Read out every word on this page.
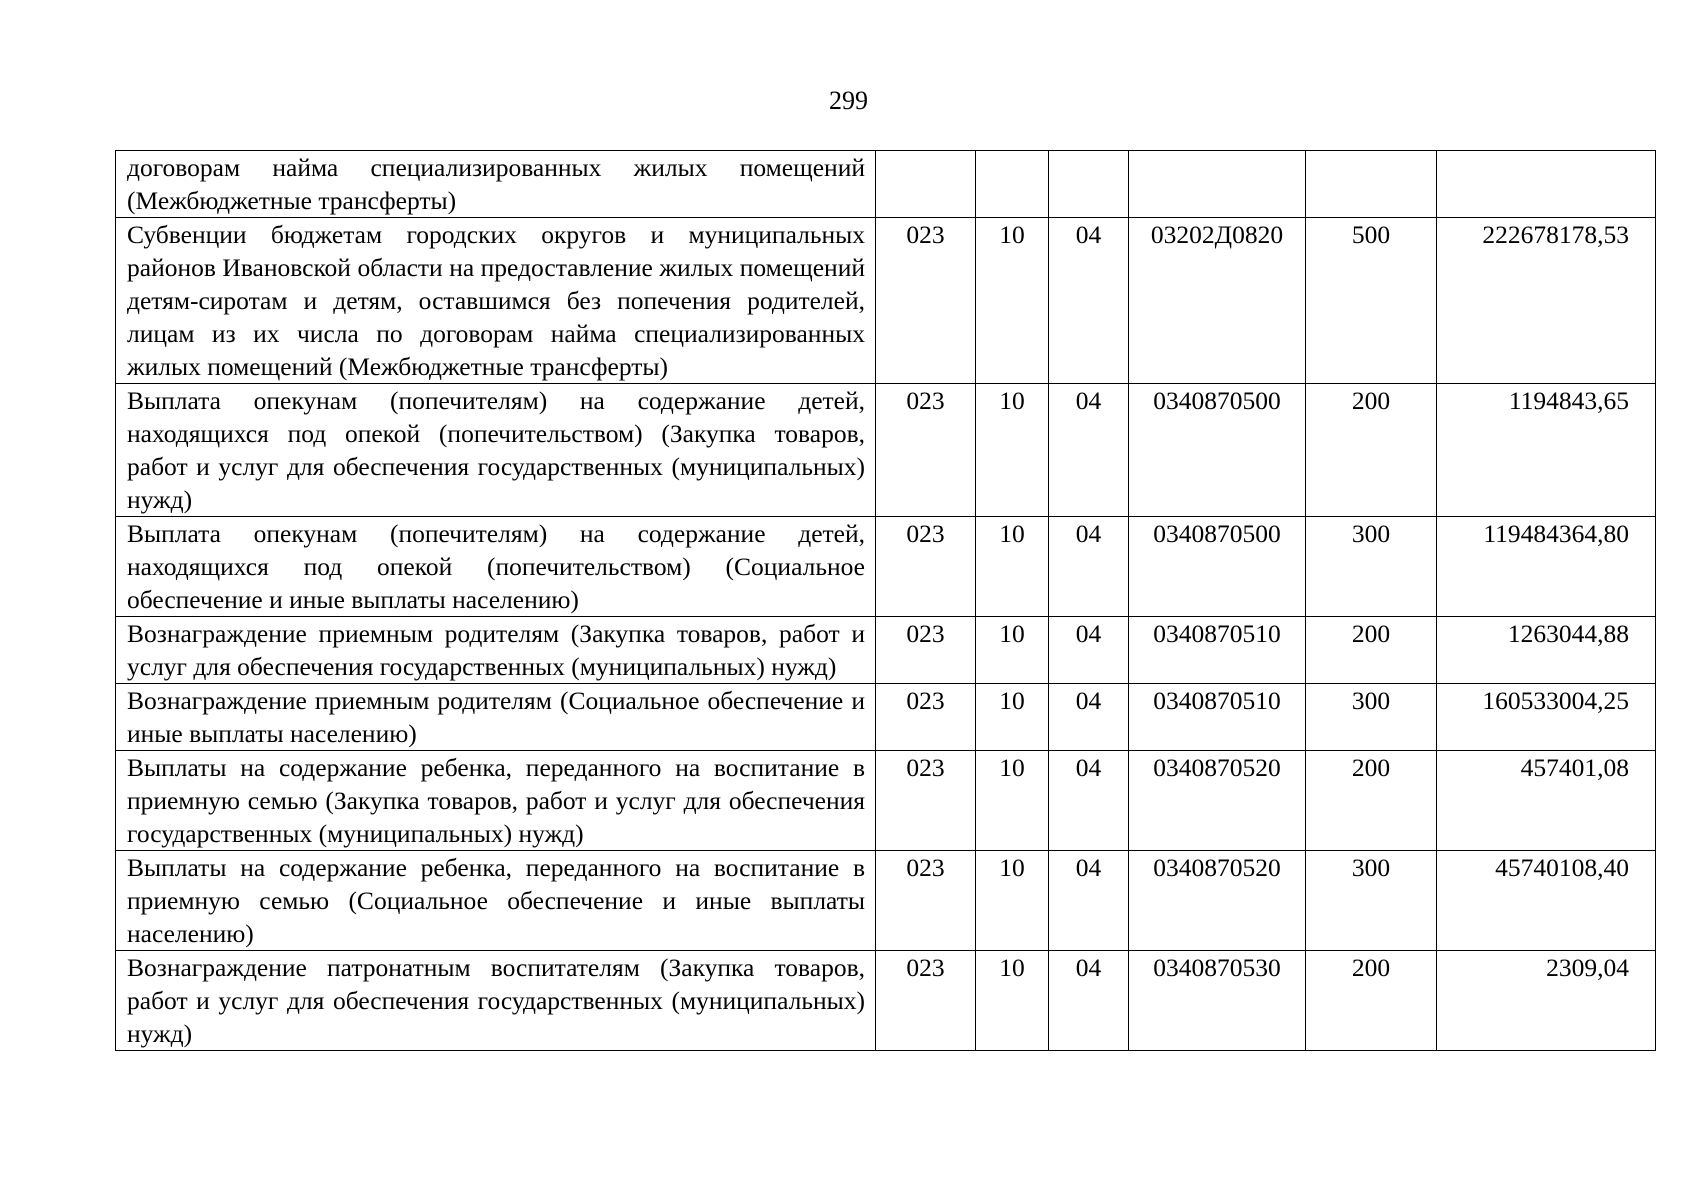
299
договорам найма специализированных жилых помещений (Межбюджетные трансферты)						
Субвенции бюджетам городских округов и муниципальных районов Ивановской области на предоставление жилых помещений детям-сиротам и детям, оставшимся без попечения родителей, лицам из их числа по договорам найма специализированных жилых помещений (Межбюджетные трансферты)	023	10	04	03202Д0820	500	222678178,53
Выплата опекунам (попечителям) на содержание детей, находящихся под опекой (попечительством) (Закупка товаров, работ и услуг для обеспечения государственных (муниципальных) нужд)	023	10	04	0340870500	200	1194843,65
Выплата опекунам (попечителям) на содержание детей, находящихся под опекой (попечительством) (Социальное обеспечение и иные выплаты населению)	023	10	04	0340870500	300	119484364,80
Вознаграждение приемным родителям (Закупка товаров, работ и услуг для обеспечения государственных (муниципальных) нужд)	023	10	04	0340870510	200	1263044,88
Вознаграждение приемным родителям (Социальное обеспечение и иные выплаты населению)	023	10	04	0340870510	300	160533004,25
Выплаты на содержание ребенка, переданного на воспитание в приемную семью (Закупка товаров, работ и услуг для обеспечения государственных (муниципальных) нужд)	023	10	04	0340870520	200	457401,08
Выплаты на содержание ребенка, переданного на воспитание в приемную семью (Социальное обеспечение и иные выплаты населению)	023	10	04	0340870520	300	45740108,40
Вознаграждение патронатным воспитателям (Закупка товаров, работ и услуг для обеспечения государственных (муниципальных) нужд)	023	10	04	0340870530	200	2309,04
